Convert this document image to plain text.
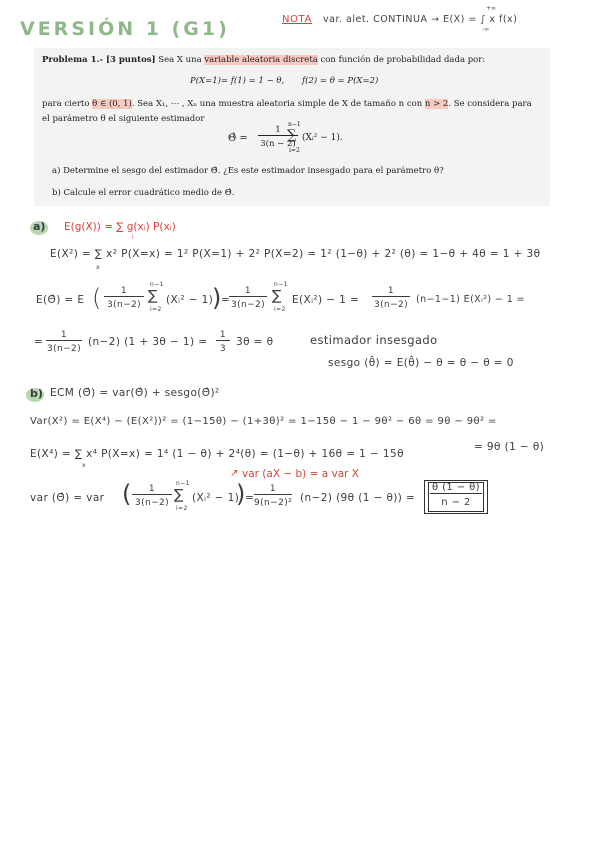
VERSIÓN 1 (G1)	NOTA var. alet. CONTINUA → E(X) = ∫ x f(x)
+∞
-∞
Problema 1.- [3 puntos] Sea X una variable aleatoria discreta con función de probabilidad dada por:
P(X=1)= f(1) = 1 − θ, f(2) = θ = P(X=2)
para cierto θ ∈ (0, 1). Sea X₁, ⋯ , Xₙ una muestra aleatoria simple de X de tamaño n con n > 2. Se considera para
el parámetro θ el siguiente estimador
Θ̂ =
1
3(n − 2)
n−1
∑
i=2
(Xᵢ² − 1).
a) Determine el sesgo del estimador Θ̂. ¿Es este estimador insesgado para el parámetro θ?
b) Calcule el error cuadrático medio de Θ̂.
a) E(g(X)) = ∑ g(xᵢ) P(xᵢ)
i
E(X²) = ∑ x² P(X=x) = 1² P(X=1) + 2² P(X=2) = 1² (1−θ) + 2² (θ) = 1−θ + 4θ = 1 + 3θ
x
E(Θ̂) = E (	1
3(n−2)
n−1
∑
i=2
(Xᵢ² − 1)
) =
1
3(n−2)
n−1
∑
i=2
E(Xᵢ²) − 1 =
1
3(n−2) (n−1−1) E(Xᵢ²) − 1 =
=
1
3(n−2)
(n−2) (1 + 3θ − 1) =
1
3
3θ = θ	estimador insesgado
sesgo (θ̂) = E(θ̂) − θ = θ − θ = 0
b) ECM (Θ̂) = var(Θ̂) + sesgo(Θ̂)²
Var(X²) = E(X⁴) − (E(X²))² = (1−15θ) − (1+3θ)² = 1−15θ − 1 − 9θ² − 6θ = 9θ − 9θ² =
= 9θ (1 − θ)
E(X⁴) = ∑ x⁴ P(X=x) = 1⁴ (1 − θ) + 2⁴(θ) = (1−θ) + 16θ = 1 − 15θ
x
var (aX − b) = a var X
↗
var (Θ̂) = var (	1
3(n−2)
n−1
∑
i=2
(Xᵢ² − 1)
) =
1
9(n−2)² (n−2) (9θ (1 − θ)) =
θ (1 − θ)
n − 2
